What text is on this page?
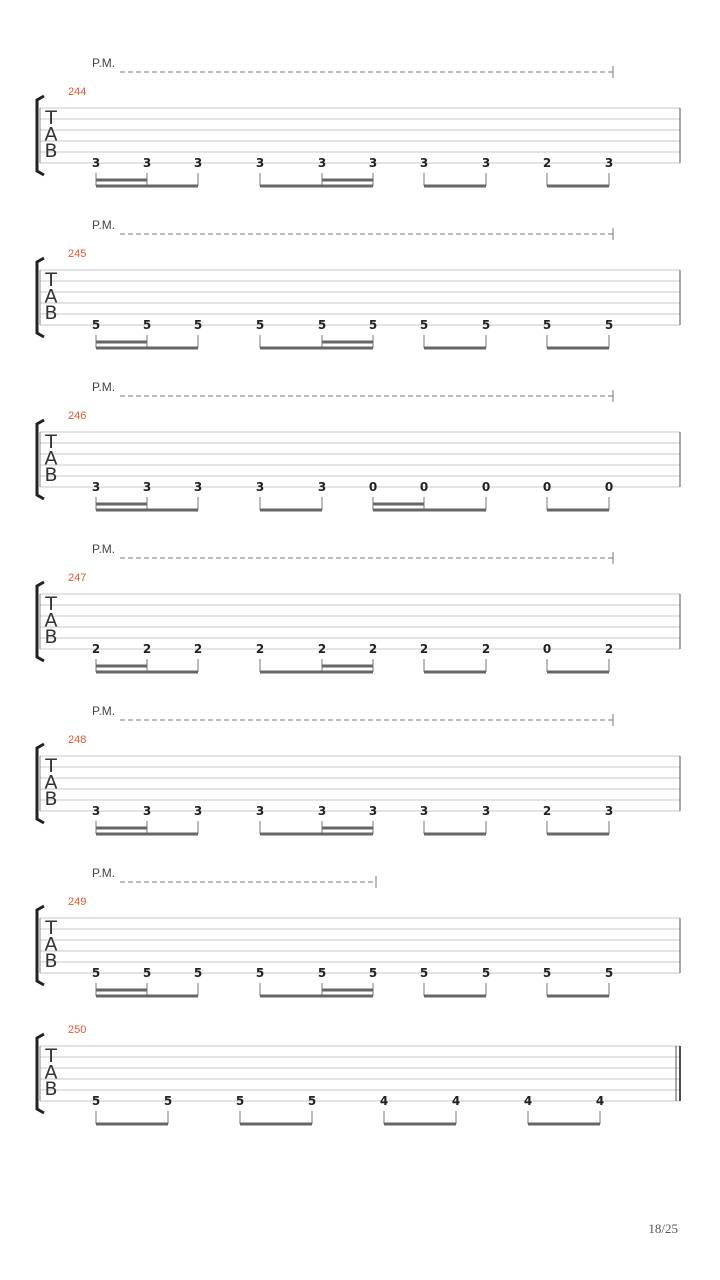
P.M.
244
T
A
B
3	3	3	3	3	3	3	3	2	3
P.M.
245
T
A
B
5	5	5	5	5	5	5	5	5	5
P.M.
246
T
A
B
3	3	3	3	3	0	0	0	0	0
P.M.
247
T
A
B
2	2	2	2	2	2	2	2	0	2
P.M.
248
T
A
B
3	3	3	3	3	3	3	3	2	3
P.M.
249
T
A
B
5	5	5	5	5	5	5	5	5	5
250
T
A
B
5	5	5	5	4	4	4	4
18/25
